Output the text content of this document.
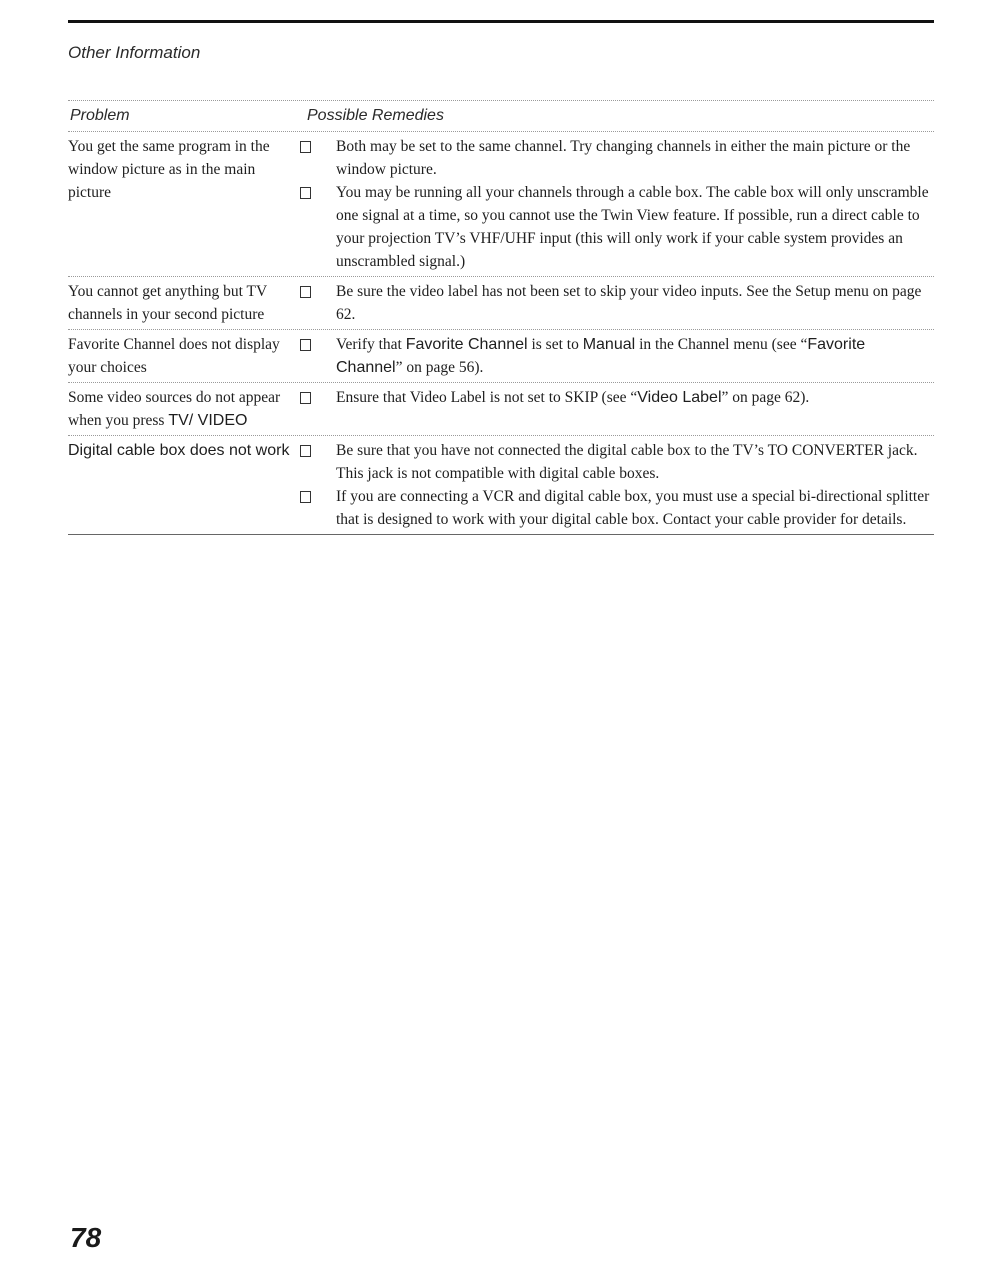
Other Information
Problem	Possible Remedies
You get the same program in the window picture as in the main picture
Both may be set to the same channel. Try changing channels in either the main picture or the window picture.
You may be running all your channels through a cable box. The cable box will only unscramble one signal at a time, so you cannot use the Twin View feature. If possible, run a direct cable to your projection TV’s VHF/UHF input (this will only work if your cable system provides an unscrambled signal.)
You cannot get anything but TV channels in your second picture
Be sure the video label has not been set to skip your video inputs. See the Setup menu on page 62.
Favorite Channel does not display your choices
Verify that Favorite Channel is set to Manual in the Channel menu (see “Favorite Channel” on page 56).
Some video sources do not appear when you press TV/ VIDEO
Ensure that Video Label is not set to SKIP (see “Video Label” on page 62).
Digital cable box does not work	Be sure that you have not connected the digital cable box to the TV’s TO CONVERTER jack. This jack is not compatible with digital cable boxes.
If you are connecting a VCR and digital cable box, you must use a special bi-directional splitter that is designed to work with your digital cable box. Contact your cable provider for details.
78
